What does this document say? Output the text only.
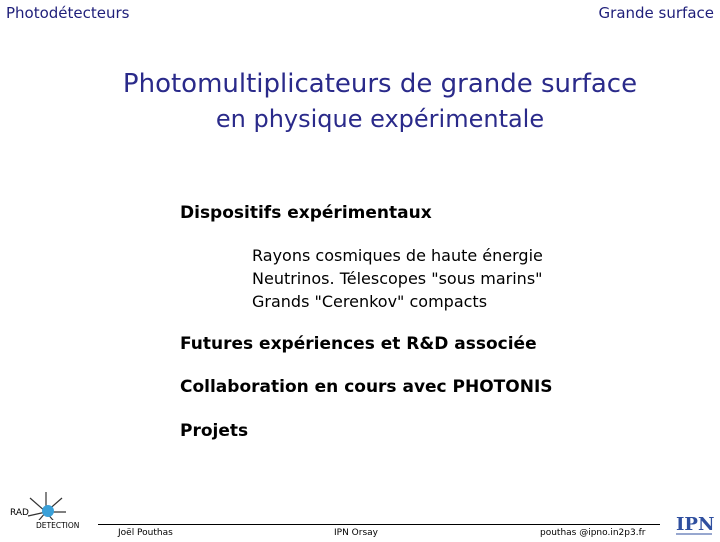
Photodétecteurs	Grande surface
Photomultiplicateurs de grande surface
en physique expérimentale
Dispositifs expérimentaux
Rayons cosmiques de haute énergie
Neutrinos. Télescopes "sous marins"
Grands "Cerenkov" compacts
Futures expériences et R&D associée
Collaboration en cours avec PHOTONIS
Projets
RAD
DETECTION
Joël Pouthas	IPN Orsay	pouthas @ipno.in2p3.fr IPN
